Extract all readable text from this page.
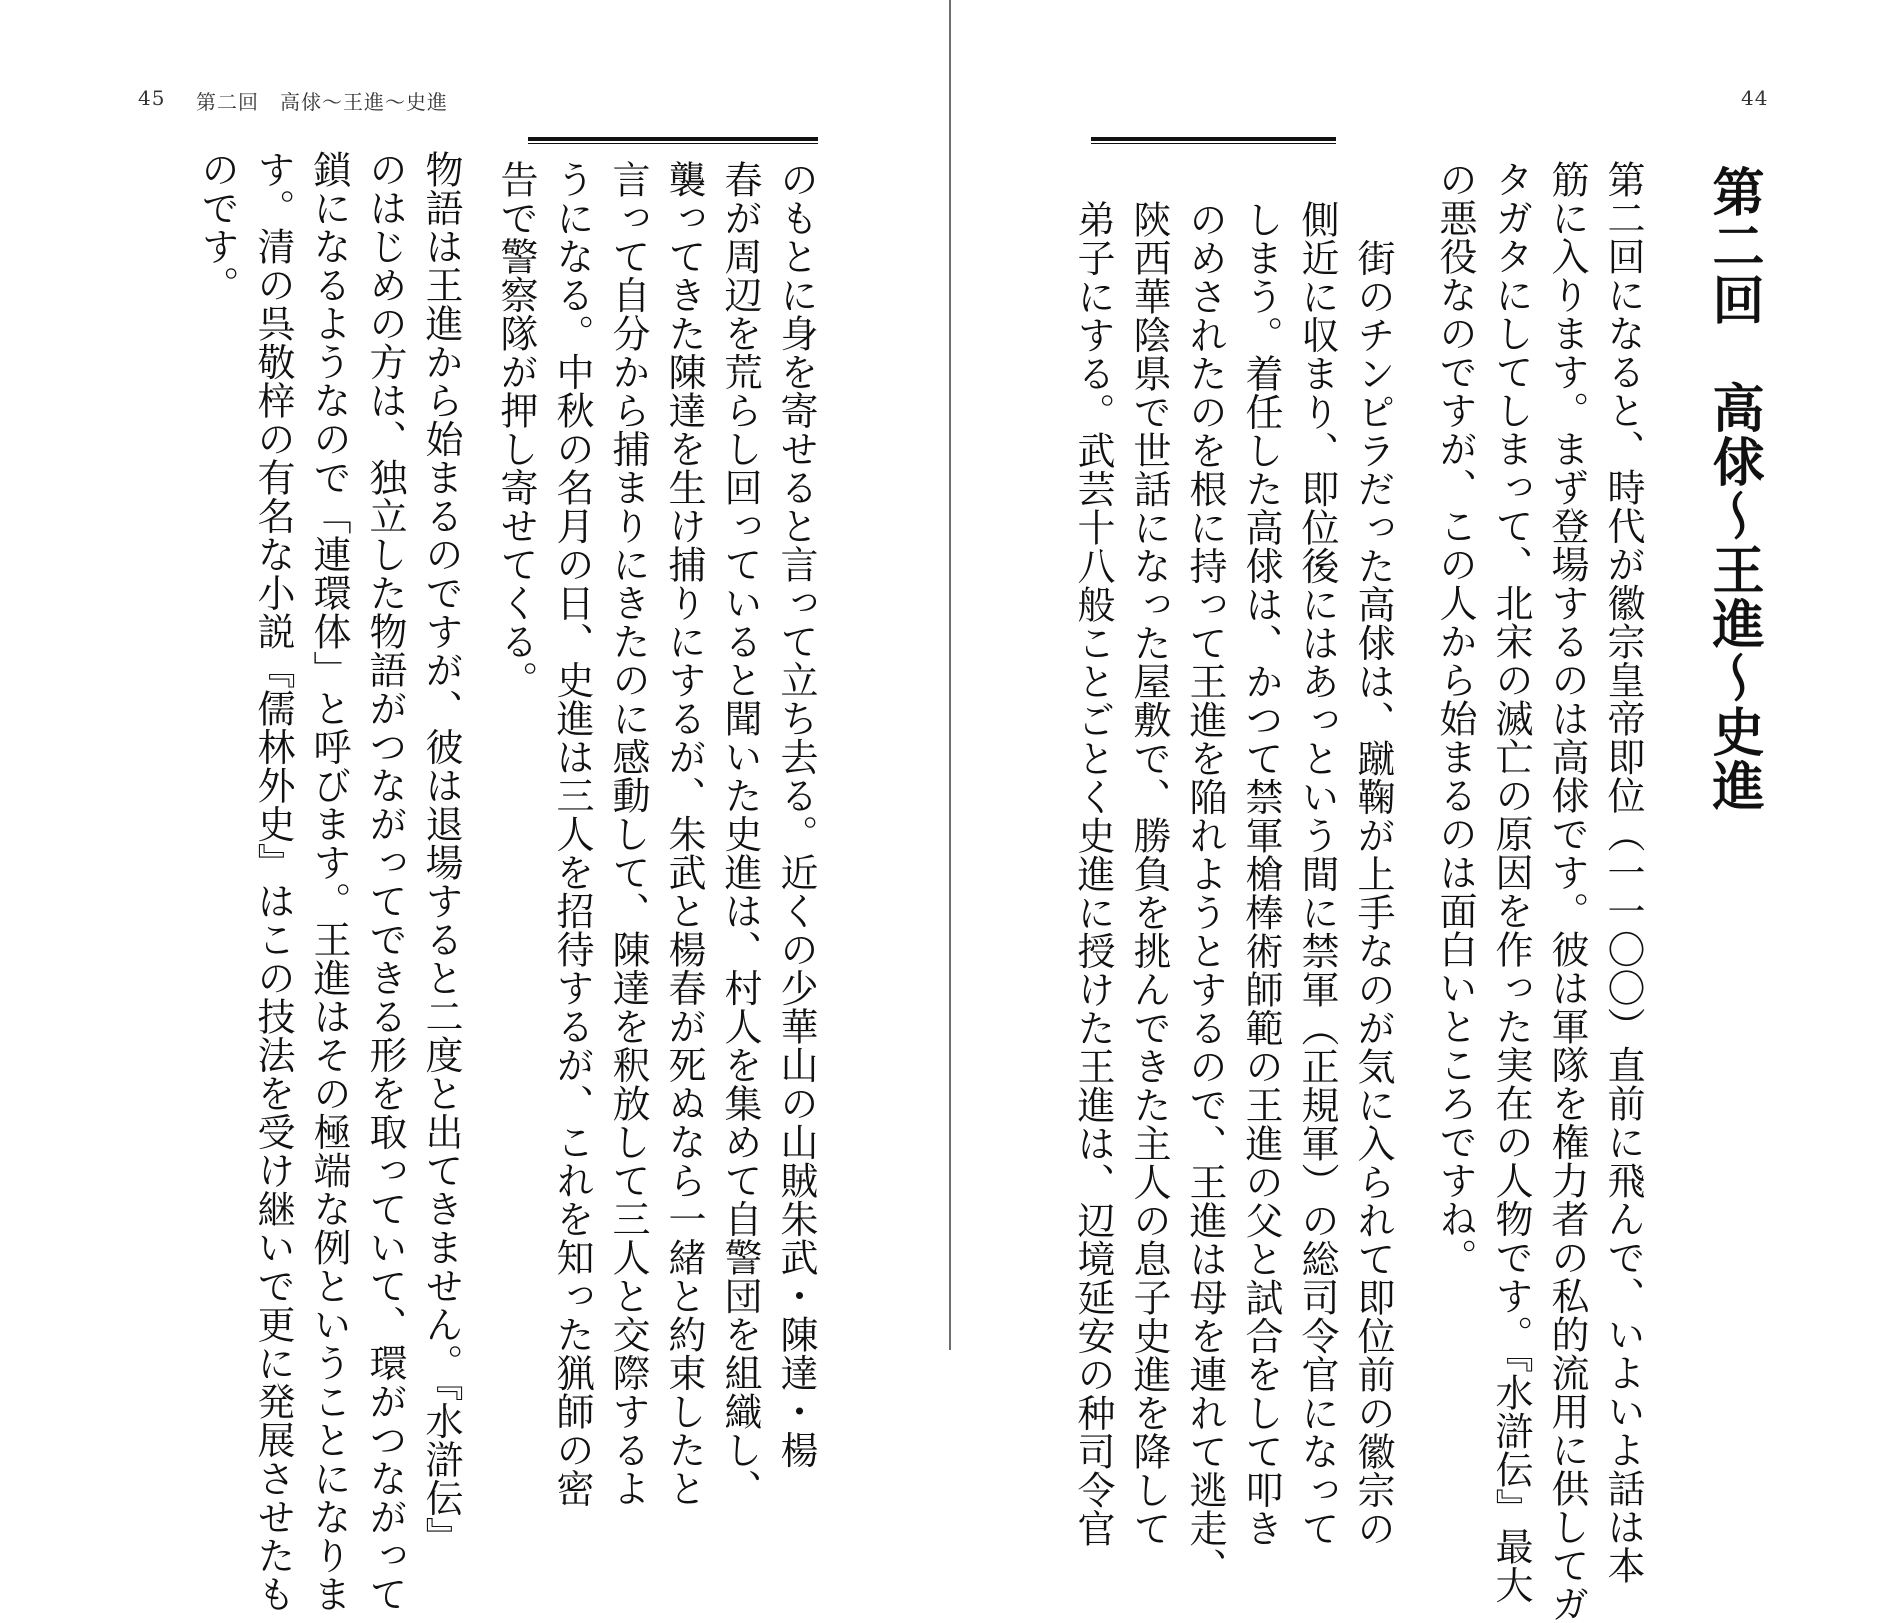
45 第二回　高俅〜王進〜史進
のもとに身を寄せると言って立ち去る。近くの少華山の山賊朱武・陳達・楊
春が周辺を荒らし回っていると聞いた史進は、村人を集めて自警団を組織し、
襲ってきた陳達を生け捕りにするが、朱武と楊春が死ぬなら一緒と約束したと
言って自分から捕まりにきたのに感動して、陳達を釈放して三人と交際するよ
うになる。中秋の名月の日、史進は三人を招待するが、これを知った猟師の密
告で警察隊が押し寄せてくる。
物語は王進から始まるのですが、彼は退場すると二度と出てきません。『水滸伝』
のはじめの方は、独立した物語がつながってできる形を取っていて、環がつながって
鎖になるようなので「連環体」と呼びます。王進はその極端な例ということになりま
す。清の呉敬梓の有名な小説『儒林外史』はこの技法を受け継いで更に発展させたも
のです。
44
第二回　高俅〜王進〜史進
第二回になると、時代が徽宗皇帝即位（一一〇〇）直前に飛んで、いよいよ話は本
筋に入ります。まず登場するのは高俅です。彼は軍隊を権力者の私的流用に供してガ
タガタにしてしまって、北宋の滅亡の原因を作った実在の人物です。『水滸伝』最大
の悪役なのですが、この人から始まるのは面白いところですね。
　街のチンピラだった高俅は、蹴鞠が上手なのが気に入られて即位前の徽宗の
側近に収まり、即位後にはあっという間に禁軍（正規軍）の総司令官になって
しまう。着任した高俅は、かつて禁軍槍棒術師範の王進の父と試合をして叩き
のめされたのを根に持って王進を陥れようとするので、王進は母を連れて逃走、
陝西華陰県で世話になった屋敷で、勝負を挑んできた主人の息子史進を降して
弟子にする。武芸十八般ことごとく史進に授けた王進は、辺境延安の种司令官
